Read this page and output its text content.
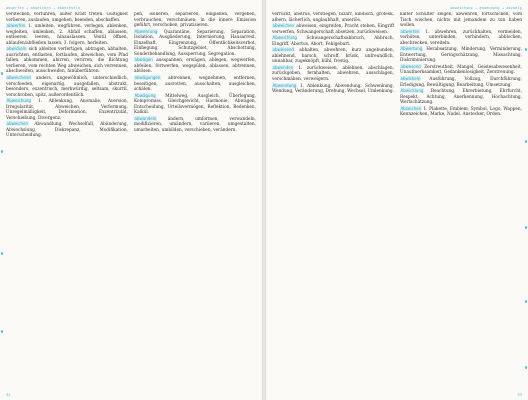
abwerfen → abweichen → abwechseln

verstecken, verführen, außer Kraft treten. Gültigkeit verlieren, auslaufen, umgehen, beenden, abschaffen.

abwerfen 1. umleiten, wegführen, verlegen, ablenken, wegleiten, umlenken, 2. Abfall schaffen, ablassen, entleeren, leeren, hinauslassen. Ventil öffnen, ablaufen/abfließen lassen, 3. folgern, herleiten.

abwickeln sich ableiten verfertigen, abtragen, abhalten, ausrichten, entlasten, fortlaufen, abweichen, vom Pfad fallen, abkommen, abirren, verirren, die Richtung verlieren, vom rechten Weg abweichen, sich verrennen, abschweifen, ausschweifen, hinüberführen.

abweichend anders, ungewöhnlich, unterschiedlich, verschieden, eigenartig, ausgefallen, abstrakt, besonders, exzentrisch, merkwürdig, seltsam, skurril, verschroben, spitz, außerordentlich.

Abweichung 1. Ablenkung, Anomalie, Aversion, Irregularität, Abweichen, Verformung, Unregelmäßigkeit, Deformation, Exzentrizität, Verschiebung, Divergenz.

abweichen Abwandlung, Wechselfall, Abänderung, Abwechslung, Diskrepanz, Modifikation, Unterscheidung.

pen, isolieren, separieren, eingießen, vergeben, verbrauchen, verschmäuen; in die innere Emission geführt, verschoben, privatisieren.

Abwehrung Quarantäne, Separierung, Separation, Isolation, Ausgliederung, Internierung, Hausarrest, Einzelhaft, Eingrenzung, Öffentlichkeitsverbot, Einhegung, Schutzgebiet, Abschottung, Sonderbehandlung, Aussperrung, Segregation.

abwägen ausspannen, erwägen, ablegen, wegwerfen, abfeilen, fortwerfen, wegspülen, ablassen, abtrennen, ablösen.

abwägungen abtrennen, wegnehmen, entfernen, beseitigen, ausrotten, ausschalten, ausgleichen, schälen.

Abwägung Mittelweg, Ausgleich, Überlegung, Kompromiss, Gleichgewicht, Harmonie, Abwägen, Entscheidung, Urteilsvermögen, Reflektion, Bedenken, Kalkül.

abwandeln	ändern, umformen, verwandeln, modifizieren, umändern, variieren, umgestalten, umarbeiten, umbilden, verschieben, verändern.

32
abweichung → abwendung → abzweig

verrückt, abstrus, verstiegen, bizarr, kindisch, grotesk, albern, lächerlich, unglaubhaft, unseriös.

abweichen abweisen, eingreifen, Pracht stehen, Eingriff verwerfen, Schwangerschaft absetzen, zurückweisen.

Abweichung Schwangerschaftsabbruch, Abbruch, Eingriff, Abortus, Abort, Fehlgeburt.

abweisend abhalten, abwehren, kurz angebunden, ablehnend, barsch, schroff, brüsk, unfreundlich, unnahbar, zugeknöpft, kühl, frostig.

abwenden 1. zurückweisen, ablehnen, abschlagen, zurückgeben, fernhalten, abwehren, ausschlagen, verschmähen, verweigern.

Abwendung 1. Ablenkung, Abwendung, Schwenkung, Wendung, Veränderung, Drehung, Wechsel, Umlenkung.

kalter Schulter zeigen, abwehren, fortschicken, vom Tisch wischen, nichts mit jemandem zu tun haben wollen.

abwerten 1. abwehren, zurückhalten, vermeiden, verhüten, unterbinden, verhindern, abblocken, abschrecken, vereiteln.

Abwertung Herabsetzung, Minderung, Verminderung, Entwertung, Geringschätzung, Missachtung, Diskriminierung.

abwesend Zerstreutheit, Mangel, Geistesabwesenheit, Unaufmerksamkeit, Gedankenlosigkeit, Zerstreuung.

abwickeln Ausführung, Vollzug, Durchführung, Erledigung, Bewältigung, Bearbeitung, Umsetzung.

Abwicklung Beachtung, Ehrerbietung, Ehrfurcht, Respekt, Achtung, Anerkennung, Hochachtung, Wertschätzung.

Abzeichen 1. Plakette, Emblem, Symbol, Logo, Wappen, Kennzeichen, Marke, Nadel, Anstecker, Orden.

33
